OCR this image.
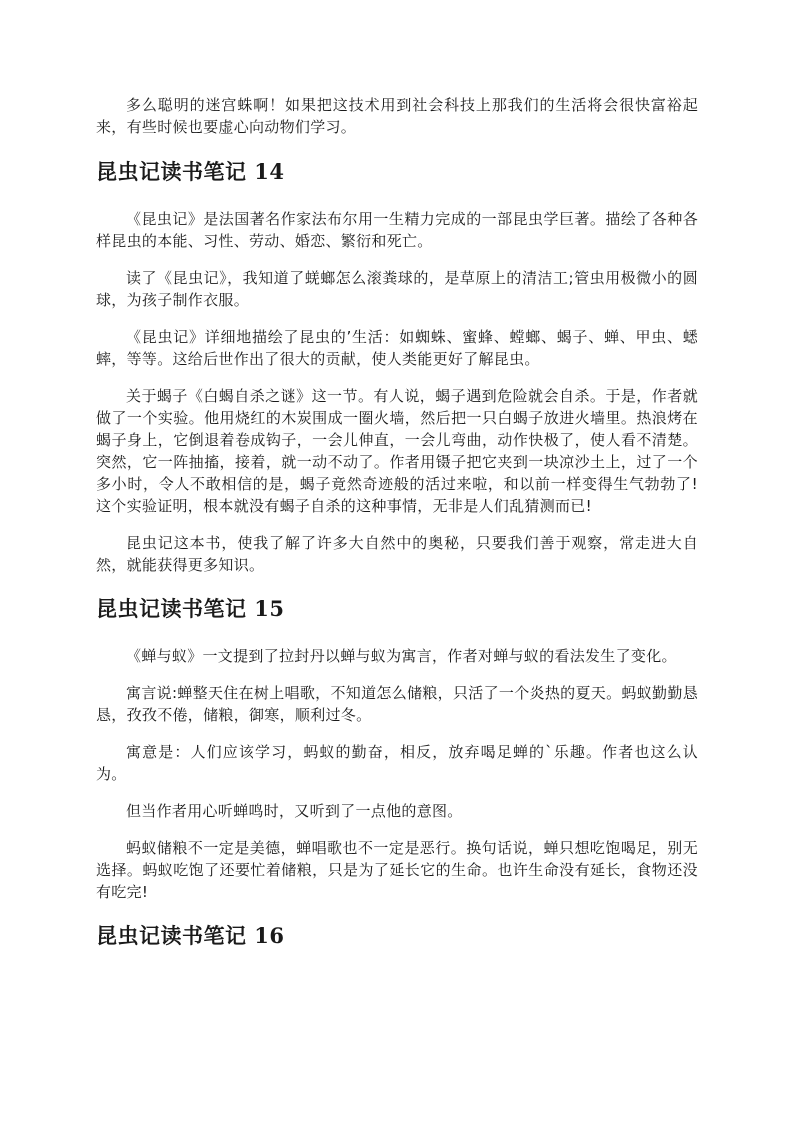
多么聪明的迷宫蛛啊！如果把这技术用到社会科技上那我们的生活将会很快富裕起来，有些时候也要虚心向动物们学习。

昆虫记读书笔记 14

《昆虫记》是法国著名作家法布尔用一生精力完成的一部昆虫学巨著。描绘了各种各样昆虫的本能、习性、劳动、婚恋、繁衍和死亡。

读了《昆虫记》，我知道了蜣螂怎么滚粪球的，是草原上的清洁工;管虫用极微小的圆球，为孩子制作衣服。

《昆虫记》详细地描绘了昆虫的’生活：如蜘蛛、蜜蜂、螳螂、蝎子、蝉、甲虫、蟋蟀，等等。这给后世作出了很大的贡献，使人类能更好了解昆虫。

关于蝎子《白蝎自杀之谜》这一节。有人说，蝎子遇到危险就会自杀。于是，作者就做了一个实验。他用烧红的木炭围成一圈火墙，然后把一只白蝎子放进火墙里。热浪烤在蝎子身上，它倒退着卷成钩子，一会儿伸直，一会儿弯曲，动作快极了，使人看不清楚。突然，它一阵抽搐，接着，就一动不动了。作者用镊子把它夹到一块凉沙土上，过了一个多小时，令人不敢相信的是，蝎子竟然奇迹般的活过来啦，和以前一样变得生气勃勃了!这个实验证明，根本就没有蝎子自杀的这种事情，无非是人们乱猜测而已!

昆虫记这本书，使我了解了许多大自然中的奥秘，只要我们善于观察，常走进大自然，就能获得更多知识。

昆虫记读书笔记 15

《蝉与蚁》一文提到了拉封丹以蝉与蚁为寓言，作者对蝉与蚁的看法发生了变化。

寓言说:蝉整天住在树上唱歌，不知道怎么储粮，只活了一个炎热的夏天。蚂蚁勤勤恳恳，孜孜不倦，储粮，御寒，顺利过冬。

寓意是：人们应该学习，蚂蚁的勤奋，相反，放弃喝足蝉的`乐趣。作者也这么认为。

但当作者用心听蝉鸣时，又听到了一点他的意图。

蚂蚁储粮不一定是美德，蝉唱歌也不一定是恶行。换句话说，蝉只想吃饱喝足，别无选择。蚂蚁吃饱了还要忙着储粮，只是为了延长它的生命。也许生命没有延长，食物还没有吃完!

昆虫记读书笔记 16
